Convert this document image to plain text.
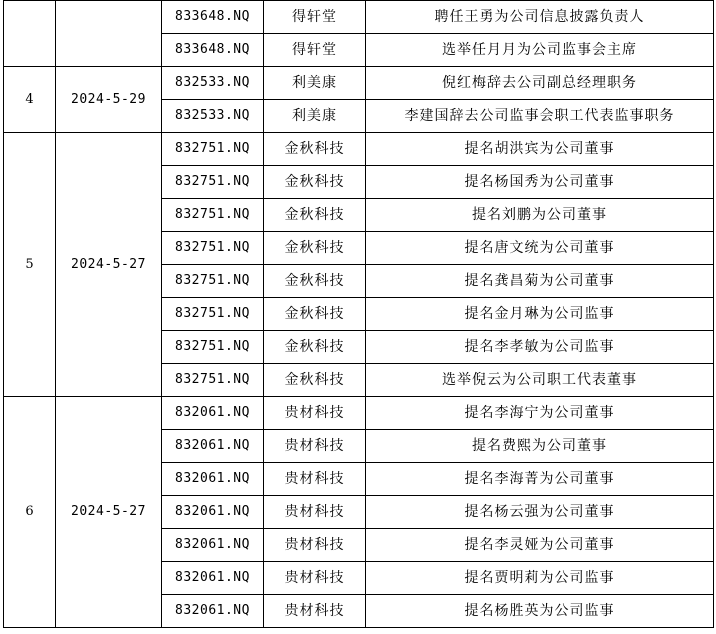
		833648.NQ	得轩堂	聘任王勇为公司信息披露负责人
		833648.NQ	得轩堂	选举任月月为公司监事会主席
4	2024-5-29	832533.NQ	利美康	倪红梅辞去公司副总经理职务
		832533.NQ	利美康	李建国辞去公司监事会职工代表监事职务
5	2024-5-27	832751.NQ	金秋科技	提名胡洪宾为公司董事
		832751.NQ	金秋科技	提名杨国秀为公司董事
		832751.NQ	金秋科技	提名刘鹏为公司董事
		832751.NQ	金秋科技	提名唐文统为公司董事
		832751.NQ	金秋科技	提名龚昌菊为公司董事
		832751.NQ	金秋科技	提名金月琳为公司监事
		832751.NQ	金秋科技	提名李孝敏为公司监事
		832751.NQ	金秋科技	选举倪云为公司职工代表董事
6	2024-5-27	832061.NQ	贵材科技	提名李海宁为公司董事
		832061.NQ	贵材科技	提名费熙为公司董事
		832061.NQ	贵材科技	提名李海菁为公司董事
		832061.NQ	贵材科技	提名杨云强为公司董事
		832061.NQ	贵材科技	提名李灵娅为公司董事
		832061.NQ	贵材科技	提名贾明莉为公司监事
		832061.NQ	贵材科技	提名杨胜英为公司监事
